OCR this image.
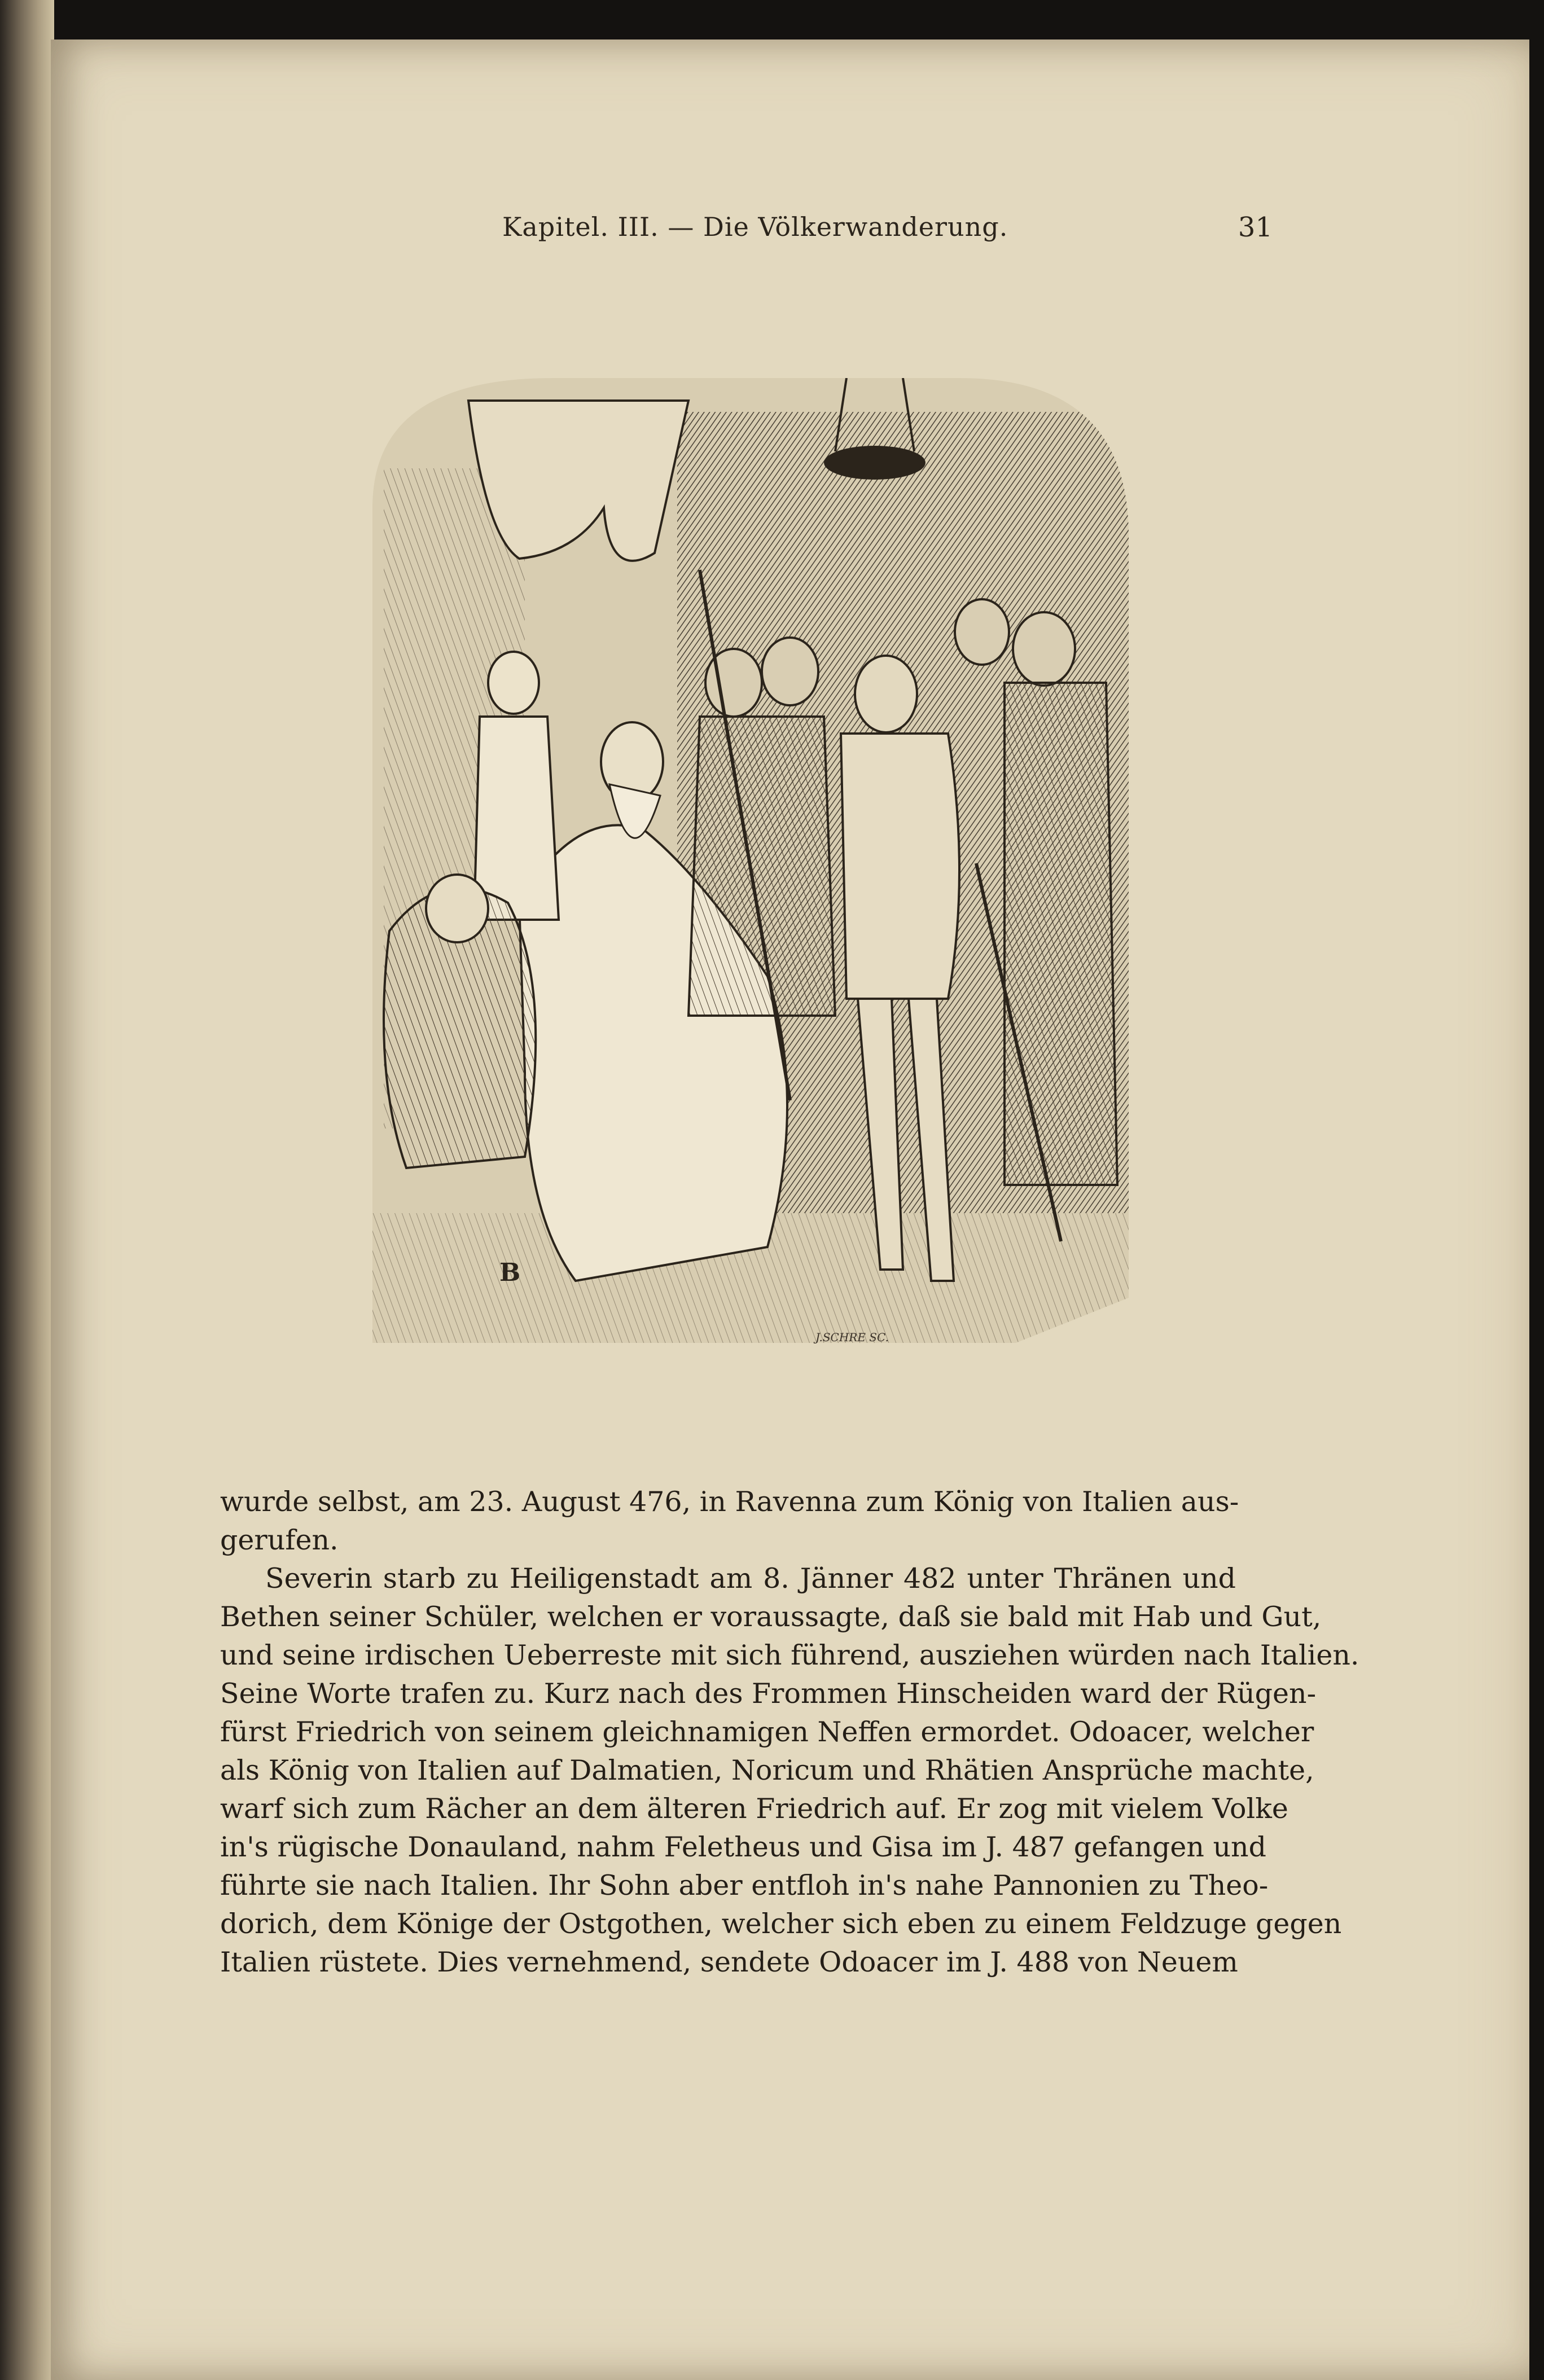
Kapitel. III. — Die Völkerwanderung.	31
B
J.SCHRE SC.
wurde selbst, am 23. August 476, in Ravenna zum König von Italien aus-
gerufen.
Severin starb zu Heiligenstadt am 8. Jänner 482 unter Thränen und
Bethen seiner Schüler, welchen er voraussagte, daß sie bald mit Hab und Gut,
und seine irdischen Ueberreste mit sich führend, ausziehen würden nach Italien.
Seine Worte trafen zu. Kurz nach des Frommen Hinscheiden ward der Rügen-
fürst Friedrich von seinem gleichnamigen Neffen ermordet. Odoacer, welcher
als König von Italien auf Dalmatien, Noricum und Rhätien Ansprüche machte,
warf sich zum Rächer an dem älteren Friedrich auf. Er zog mit vielem Volke
in's rügische Donauland, nahm Feletheus und Gisa im J. 487 gefangen und
führte sie nach Italien. Ihr Sohn aber entfloh in's nahe Pannonien zu Theo-
dorich, dem Könige der Ostgothen, welcher sich eben zu einem Feldzuge gegen
Italien rüstete. Dies vernehmend, sendete Odoacer im J. 488 von Neuem
